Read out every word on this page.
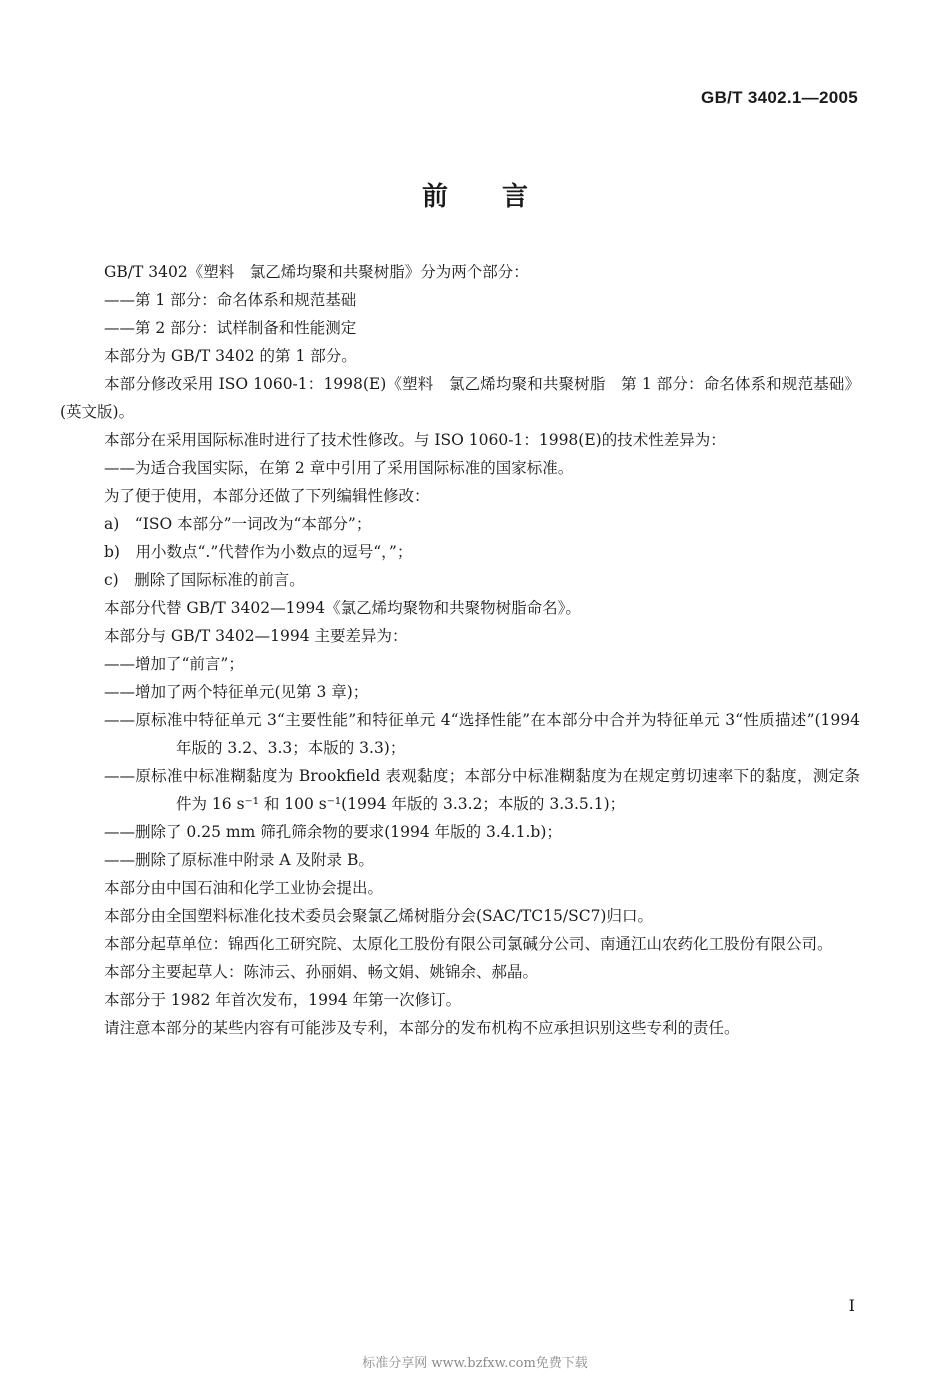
GB/T 3402.1—2005
前言

GB/T 3402《塑料　氯乙烯均聚和共聚树脂》分为两个部分：

——第 1 部分：命名体系和规范基础

——第 2 部分：试样制备和性能测定

本部分为 GB/T 3402 的第 1 部分。

本部分修改采用 ISO 1060-1：1998(E)《塑料　氯乙烯均聚和共聚树脂　第 1 部分：命名体系和规范基础》(英文版)。

本部分在采用国际标准时进行了技术性修改。与 ISO 1060-1：1998(E)的技术性差异为：

——为适合我国实际，在第 2 章中引用了采用国际标准的国家标准。

为了便于使用，本部分还做了下列编辑性修改：

a)　“ISO 本部分”一词改为“本部分”；

b)　用小数点“.”代替作为小数点的逗号“，”；

c)　删除了国际标准的前言。

本部分代替 GB/T 3402—1994《氯乙烯均聚物和共聚物树脂命名》。

本部分与 GB/T 3402—1994 主要差异为：

——增加了“前言”；

——增加了两个特征单元(见第 3 章)；

——原标准中特征单元 3“主要性能”和特征单元 4“选择性能”在本部分中合并为特征单元 3“性质描述”(1994 年版的 3.2、3.3；本版的 3.3)；

——原标准中标准糊黏度为 Brookfield 表观黏度；本部分中标准糊黏度为在规定剪切速率下的黏度，测定条件为 16 s⁻¹ 和 100 s⁻¹(1994 年版的 3.3.2；本版的 3.3.5.1)；

——删除了 0.25 mm 筛孔筛余物的要求(1994 年版的 3.4.1.b)；

——删除了原标准中附录 A 及附录 B。

本部分由中国石油和化学工业协会提出。

本部分由全国塑料标准化技术委员会聚氯乙烯树脂分会(SAC/TC15/SC7)归口。

本部分起草单位：锦西化工研究院、太原化工股份有限公司氯碱分公司、南通江山农药化工股份有限公司。

本部分主要起草人：陈沛云、孙丽娟、畅文娟、姚锦余、郝晶。

本部分于 1982 年首次发布，1994 年第一次修订。

请注意本部分的某些内容有可能涉及专利，本部分的发布机构不应承担识别这些专利的责任。

I
标准分享网 www.bzfxw.com免费下载
